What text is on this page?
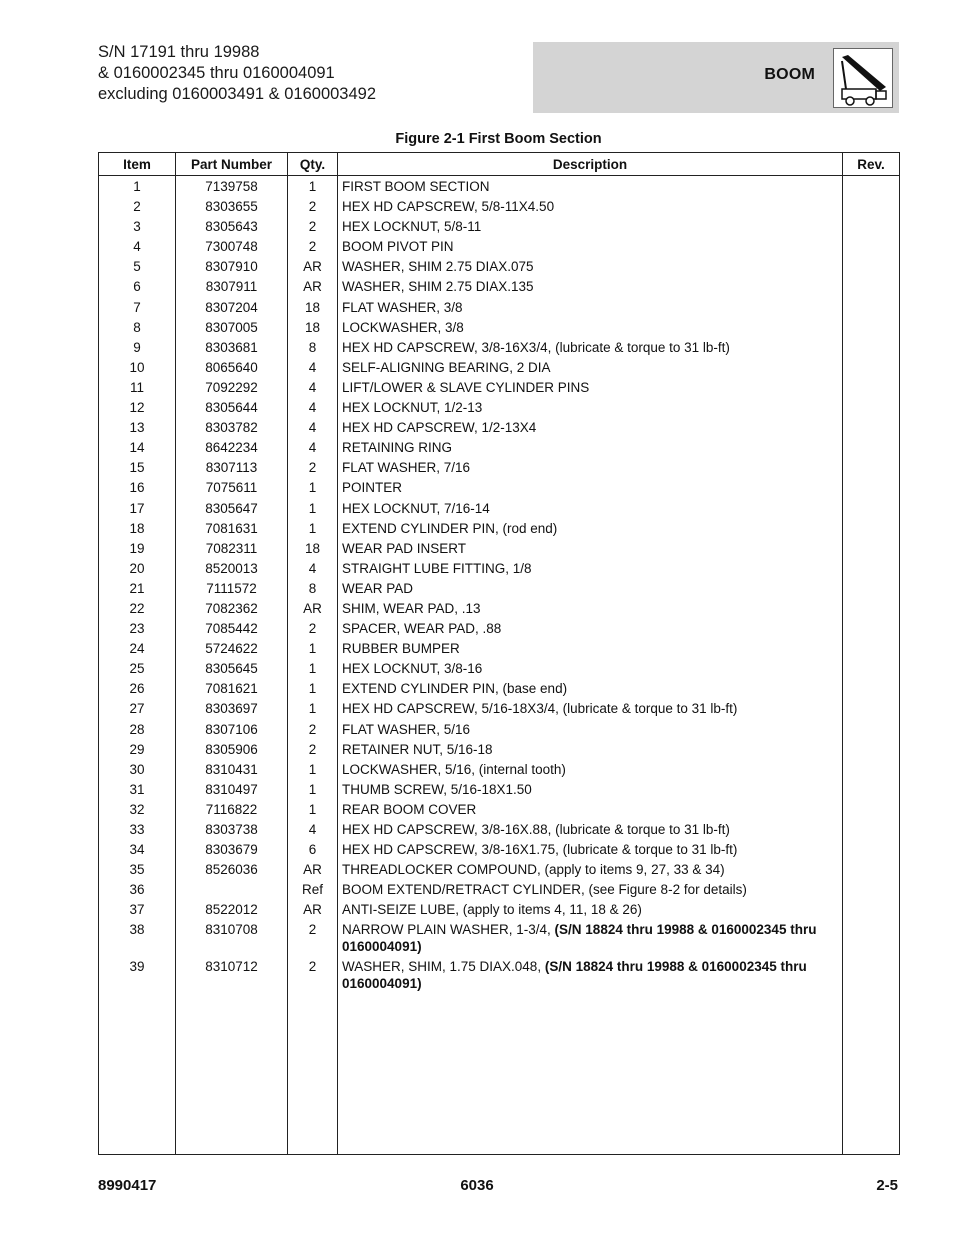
S/N 17191 thru 19988
& 0160002345 thru 0160004091
excluding 0160003491 & 0160003492
BOOM
Figure 2-1 First Boom Section
Item	Part Number	Qty.	Description	Rev.
1	7139758	1	FIRST BOOM SECTION	
2	8303655	2	HEX HD CAPSCREW, 5/8-11X4.50	
3	8305643	2	HEX LOCKNUT, 5/8-11	
4	7300748	2	BOOM PIVOT PIN	
5	8307910	AR	WASHER, SHIM 2.75 DIAX.075	
6	8307911	AR	WASHER, SHIM 2.75 DIAX.135	
7	8307204	18	FLAT WASHER, 3/8	
8	8307005	18	LOCKWASHER, 3/8	
9	8303681	8	HEX HD CAPSCREW, 3/8-16X3/4, (lubricate & torque to 31 lb-ft)	
10	8065640	4	SELF-ALIGNING BEARING, 2 DIA	
11	7092292	4	LIFT/LOWER & SLAVE CYLINDER PINS	
12	8305644	4	HEX LOCKNUT, 1/2-13	
13	8303782	4	HEX HD CAPSCREW, 1/2-13X4	
14	8642234	4	RETAINING RING	
15	8307113	2	FLAT WASHER, 7/16	
16	7075611	1	POINTER	
17	8305647	1	HEX LOCKNUT, 7/16-14	
18	7081631	1	EXTEND CYLINDER PIN, (rod end)	
19	7082311	18	WEAR PAD INSERT	
20	8520013	4	STRAIGHT LUBE FITTING, 1/8	
21	7111572	8	WEAR PAD	
22	7082362	AR	SHIM, WEAR PAD, .13	
23	7085442	2	SPACER, WEAR PAD, .88	
24	5724622	1	RUBBER BUMPER	
25	8305645	1	HEX LOCKNUT, 3/8-16	
26	7081621	1	EXTEND CYLINDER PIN, (base end)	
27	8303697	1	HEX HD CAPSCREW, 5/16-18X3/4, (lubricate & torque to 31 lb-ft)	
28	8307106	2	FLAT WASHER, 5/16	
29	8305906	2	RETAINER NUT, 5/16-18	
30	8310431	1	LOCKWASHER, 5/16, (internal tooth)	
31	8310497	1	THUMB SCREW, 5/16-18X1.50	
32	7116822	1	REAR BOOM COVER	
33	8303738	4	HEX HD CAPSCREW, 3/8-16X.88, (lubricate & torque to 31 lb-ft)	
34	8303679	6	HEX HD CAPSCREW, 3/8-16X1.75, (lubricate & torque to 31 lb-ft)	
35	8526036	AR	THREADLOCKER COMPOUND, (apply to items 9, 27, 33 & 34)	
36		Ref	BOOM EXTEND/RETRACT CYLINDER, (see Figure 8-2 for details)	
37	8522012	AR	ANTI-SEIZE LUBE, (apply to items 4, 11, 18 & 26)	
38	8310708	2	NARROW PLAIN WASHER, 1-3/4, (S/N 18824 thru 19988 & 0160002345 thru 0160004091)	
39	8310712	2	WASHER, SHIM, 1.75 DIAX.048, (S/N 18824 thru 19988 & 0160002345 thru 0160004091)	

8990417	6036	2-5
